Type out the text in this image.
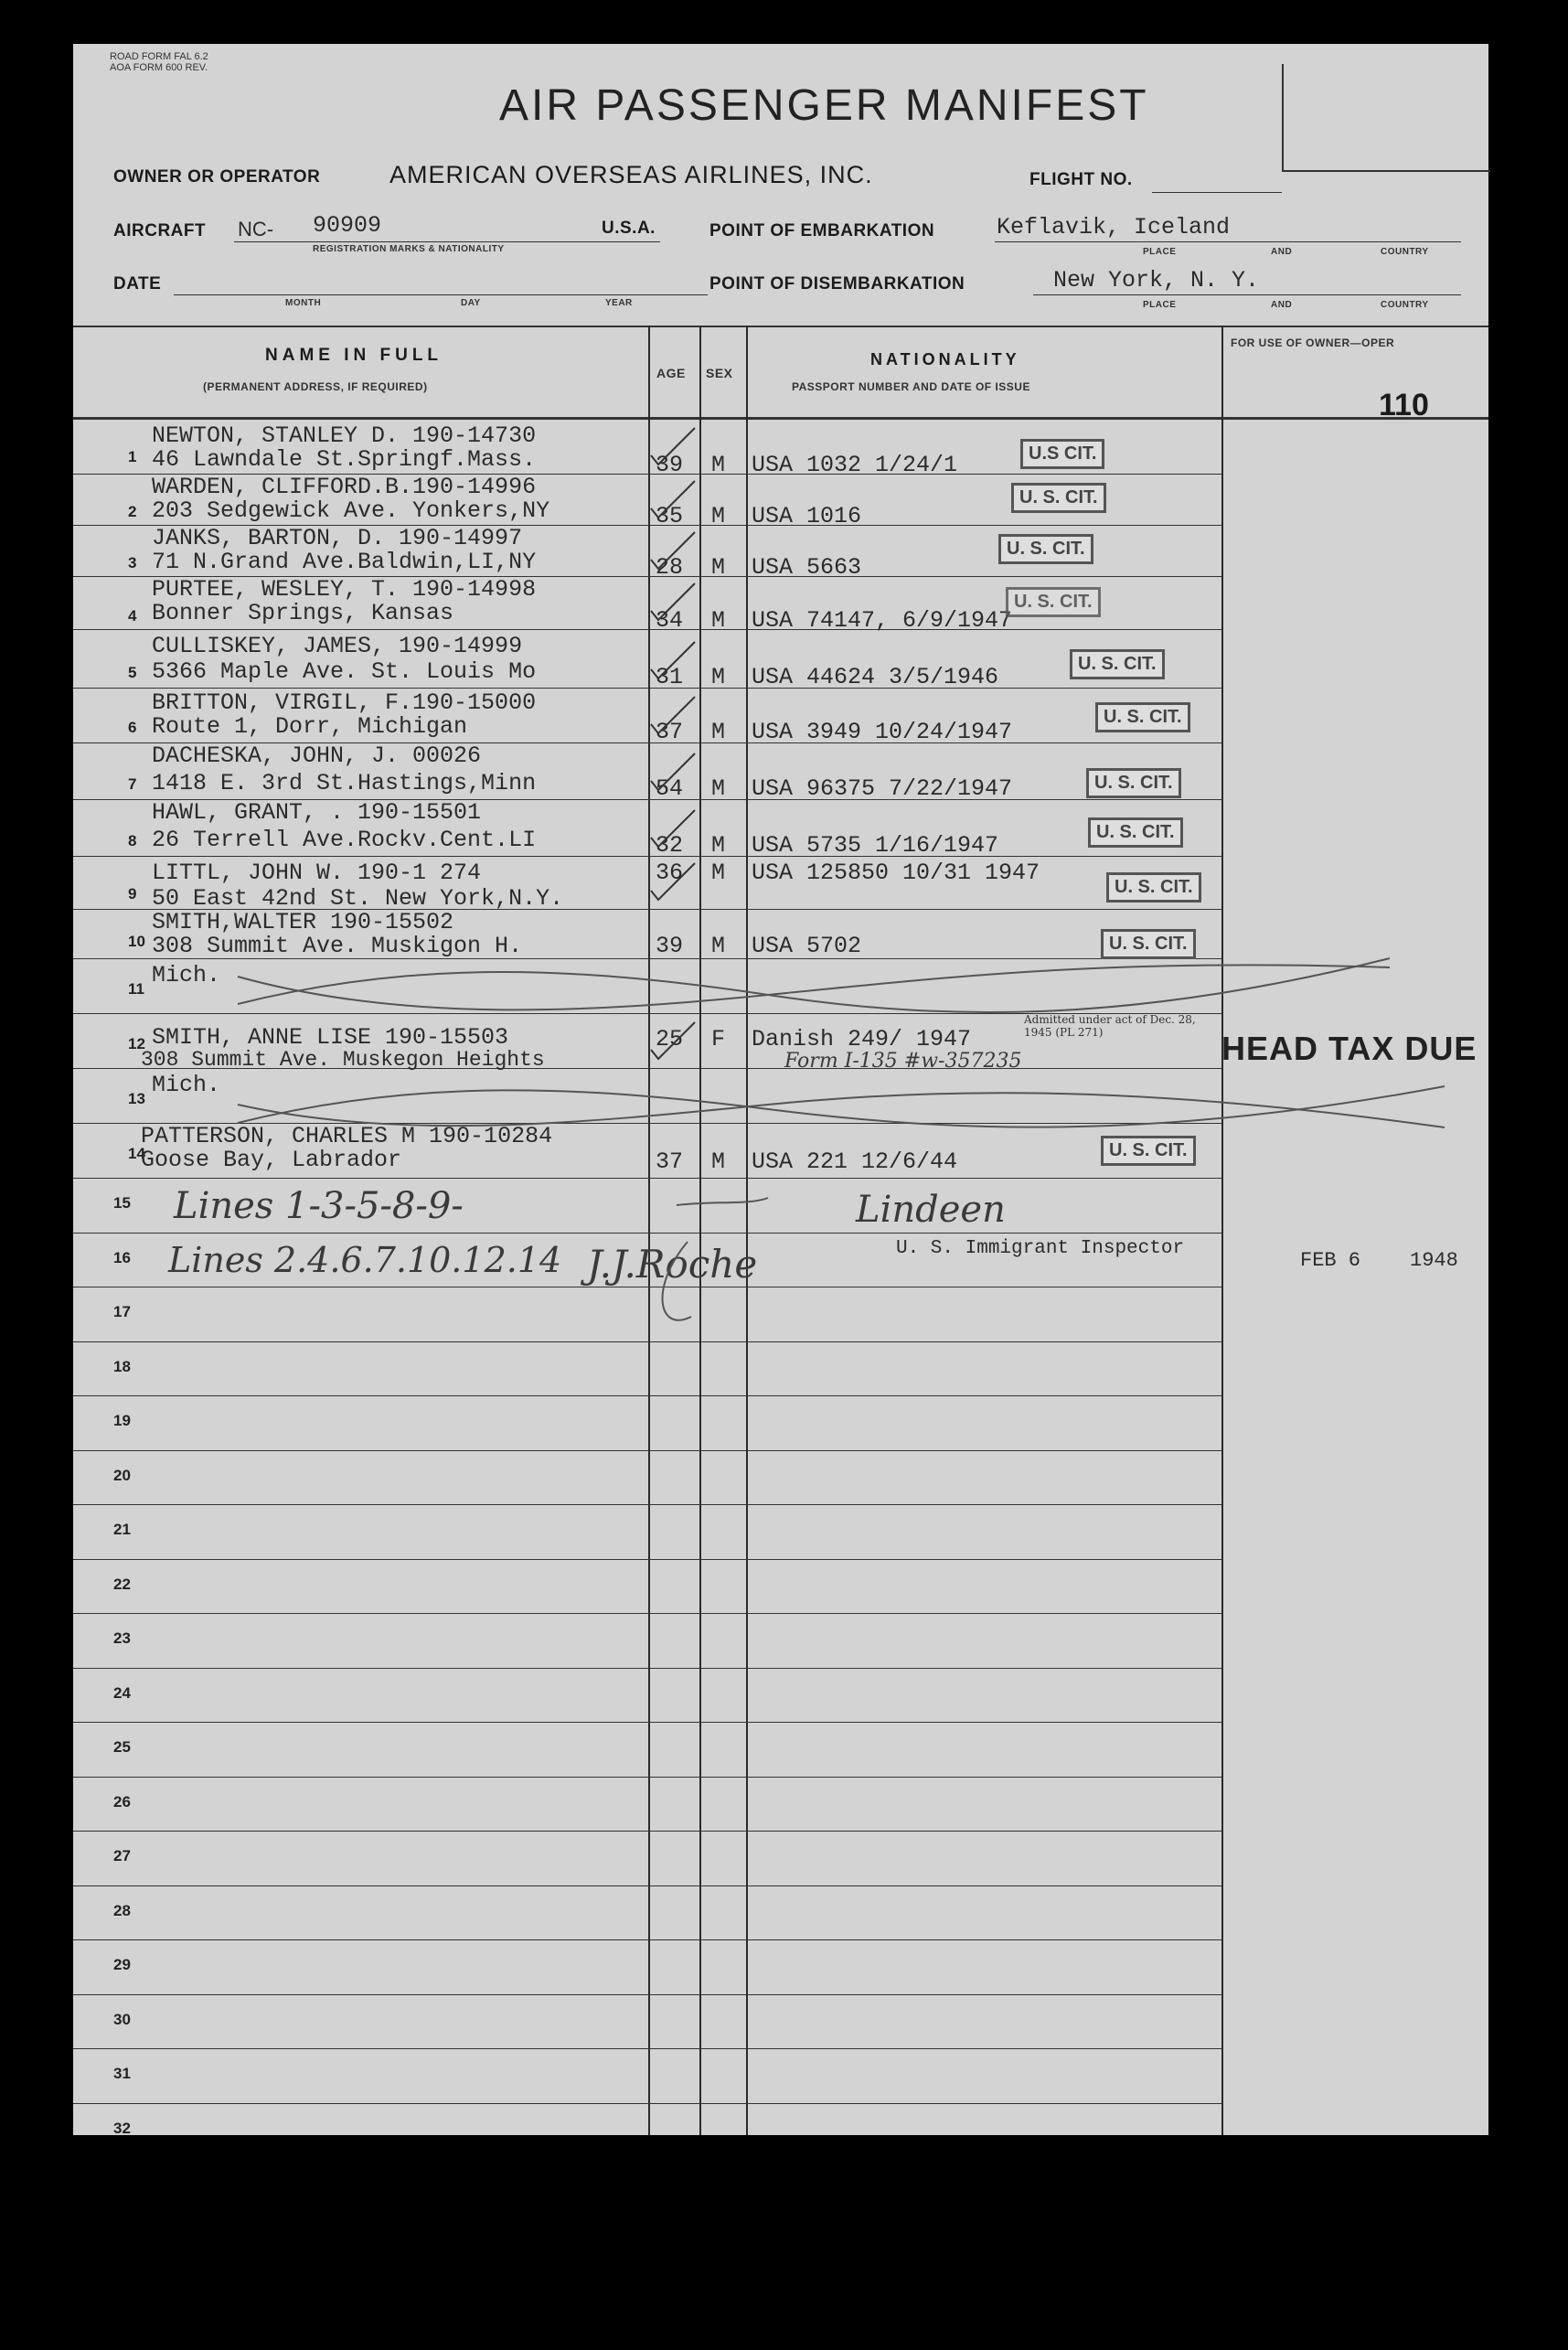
ROAD FORM FAL 6.2
AOA FORM 600 REV.
AIR PASSENGER MANIFEST
OWNER OR OPERATOR	AMERICAN OVERSEAS AIRLINES, INC.	FLIGHT NO.
AIRCRAFT NC- 90909	U.S.A.
REGISTRATION MARKS & NATIONALITY
POINT OF EMBARKATION	Keflavik, Iceland
PLACE	AND	COUNTRY
DATE
MONTH	DAY	YEAR
POINT OF DISEMBARKATION	New York, N. Y.
PLACE	AND	COUNTRY
NAME IN FULL
(PERMANENT ADDRESS, IF REQUIRED)
AGE SEX
NATIONALITY
PASSPORT NUMBER AND DATE OF ISSUE
FOR USE OF OWNER—OPER
110
1
NEWTON, STANLEY D. 190-14730
46 Lawndale St.Springf.Mass.	39 M USA 1032 1/24/1	U.S CIT.
2
WARDEN, CLIFFORD.B.190-14996
203 Sedgewick Ave. Yonkers,NY	35 M USA 1016
U. S. CIT.
3
JANKS, BARTON, D. 190-14997
71 N.Grand Ave.Baldwin,LI,NY	28 M USA 5663
U. S. CIT.
4
PURTEE, WESLEY, T. 190-14998
Bonner Springs, Kansas	34 M USA 74147, 6/9/1947
U. S. CIT.
5
CULLISKEY, JAMES, 190-14999
5366 Maple Ave. St. Louis Mo	31 M USA 44624 3/5/1946	U. S. CIT.
6
BRITTON, VIRGIL, F.190-15000
Route 1, Dorr, Michigan	37 M USA 3949 10/24/1947
U. S. CIT.
7
DACHESKA, JOHN, J. 00026
1418 E. 3rd St.Hastings,Minn	54 M USA 96375 7/22/1947	U. S. CIT.
8
HAWL, GRANT, . 190-15501
26 Terrell Ave.Rockv.Cent.LI	32 M USA 5735 1/16/1947	U. S. CIT.
9
LITTL, JOHN W. 190-1 274
50 East 42nd St. New York,N.Y.
36 M USA 125850 10/31 1947
U. S. CIT.
10
SMITH,WALTER 190-15502
308 Summit Ave. Muskigon H.	39 M USA 5702	U. S. CIT.
11
Mich.
12 SMITH, ANNE LISE 190-15503
308 Summit Ave. Muskegon Heights
25 F Danish 249/ 1947
13
Mich.
14
PATTERSON, CHARLES M 190-10284
Goose Bay, Labrador	37 M USA 221 12/6/44	U. S. CIT.
15
16
17
18
19
20
21
22
23
24
25
26
27
28
29
30
31
32
Admitted under act of Dec. 28, 1945 (PL 271)
Form I-135 #w-357235	HEAD TAX DUE
Lines 1-3-5-8-9-
Lines 2.4.6.7.10.12.14
Lindeen
J.J.Roche	U. S. Immigrant Inspector
FEB 6 1948
